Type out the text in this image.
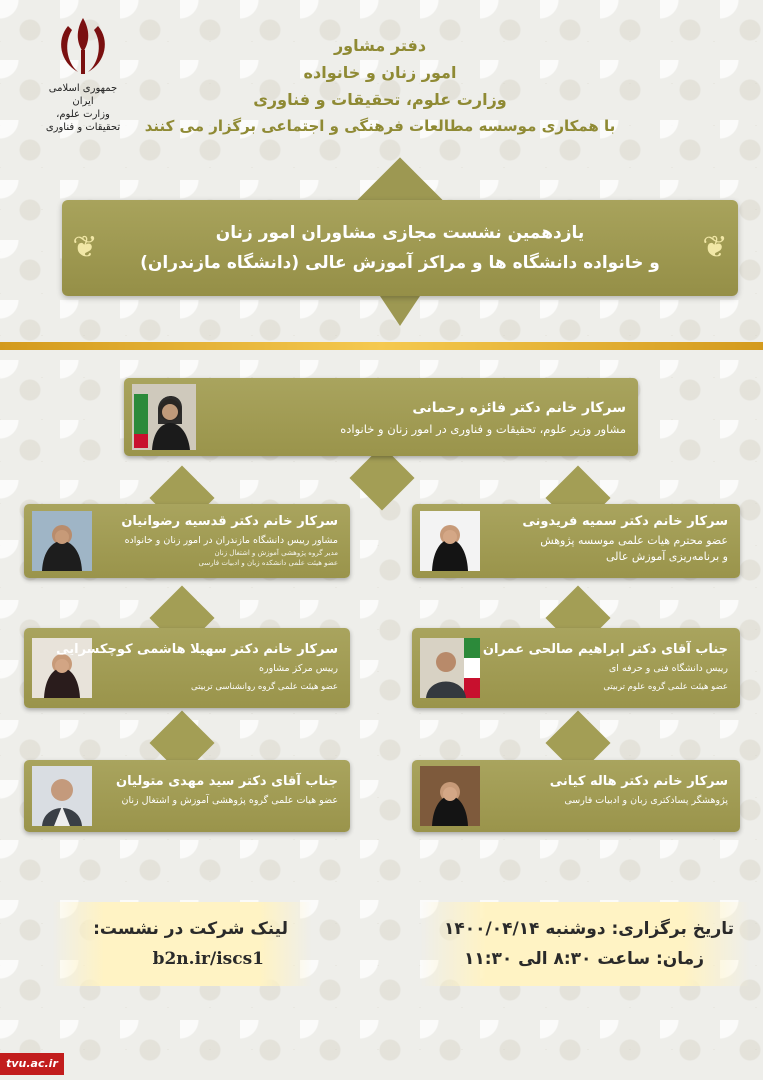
جمهوری اسلامی ایران
وزارت علوم، تحقیقات و فناوری
دفتر مشاور
امور زنان و خانواده
وزارت علوم، تحقیقات و فناوری
با همکاری موسسه مطالعات فرهنگی و اجتماعی برگزار می کنند
❦	❦
یازدهمین نشست مجازی مشاوران امور زنان
و خانواده دانشگاه ها و مراکز آموزش عالی (دانشگاه مازندران)
سرکار خانم دکتر فائزه رحمانی
مشاور وزیر علوم، تحقیقات و فناوری در امور زنان و خانواده
سرکار خانم دکتر قدسیه رضوانیان
مشاور رییس دانشگاه مازندران در امور زنان و خانواده
مدیر گروه پژوهشی آموزش و اشتغال زنان
عضو هیئت علمی دانشکده زبان و ادبیات فارسی
سرکار خانم دکتر سهیلا هاشمی کوچکسرایی
رییس مرکز مشاوره
عضو هیئت علمی گروه روانشناسی تربیتی
جناب آقای دکتر سید مهدی متولیان
عضو هیات علمی گروه پژوهشی آموزش و اشتغال زنان
سرکار خانم دکتر سمیه فریدونی
عضو محترم هیات علمی موسسه پژوهش
و برنامه‌ریزی آموزش عالی
جناب آقای دکتر ابراهیم صالحی عمران
رییس دانشگاه فنی و حرفه ای
عضو هیئت علمی گروه علوم تربیتی
سرکار خانم دکتر هاله کیانی
پژوهشگر پسادکتری زبان و ادبیات فارسی
لینک شرکت در نشست:
b2n.ir/iscs1
تاریخ برگزاری: دوشنبه ۱۴۰۰/۰۴/۱۴
زمان: ساعت ۸:۳۰ الی ۱۱:۳۰
tvu.ac.ir
